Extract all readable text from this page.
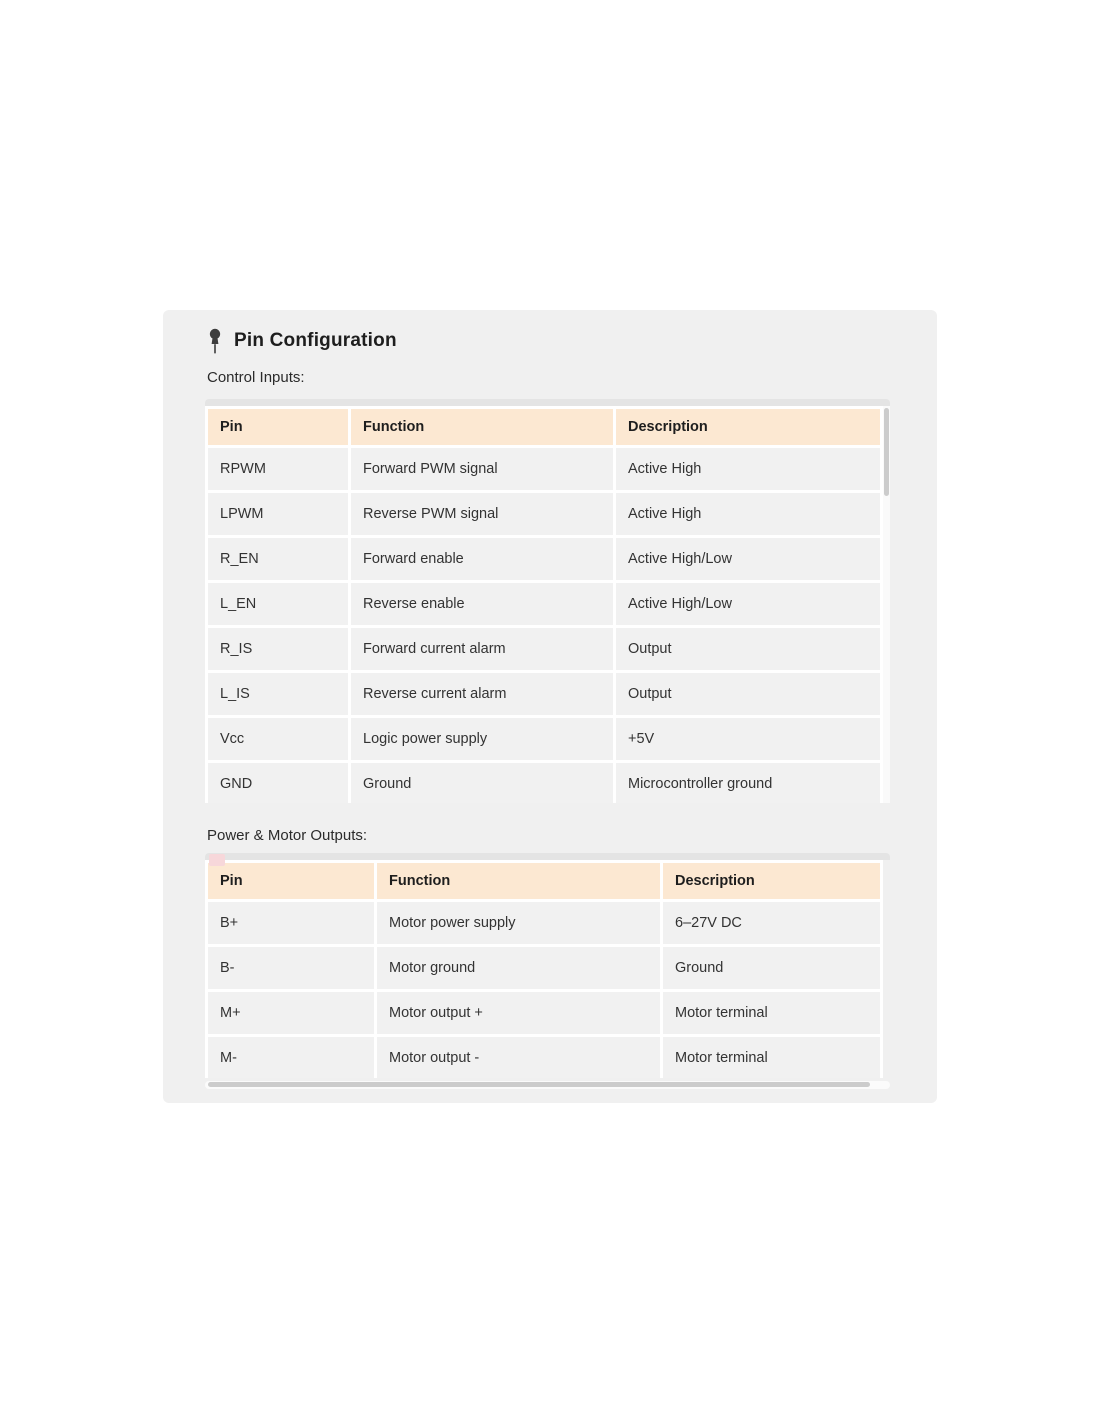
Pin Configuration
Control Inputs:
Pin	Function	Description
RPWM	Forward PWM signal	Active High
LPWM	Reverse PWM signal	Active High
R_EN	Forward enable	Active High/Low
L_EN	Reverse enable	Active High/Low
R_IS	Forward current alarm	Output
L_IS	Reverse current alarm	Output
Vcc	Logic power supply	+5V
GND	Ground	Microcontroller ground
Power & Motor Outputs:
Pin	Function	Description
B+	Motor power supply	6–27V DC
B-	Motor ground	Ground
M+	Motor output +	Motor terminal
M-	Motor output -	Motor terminal
